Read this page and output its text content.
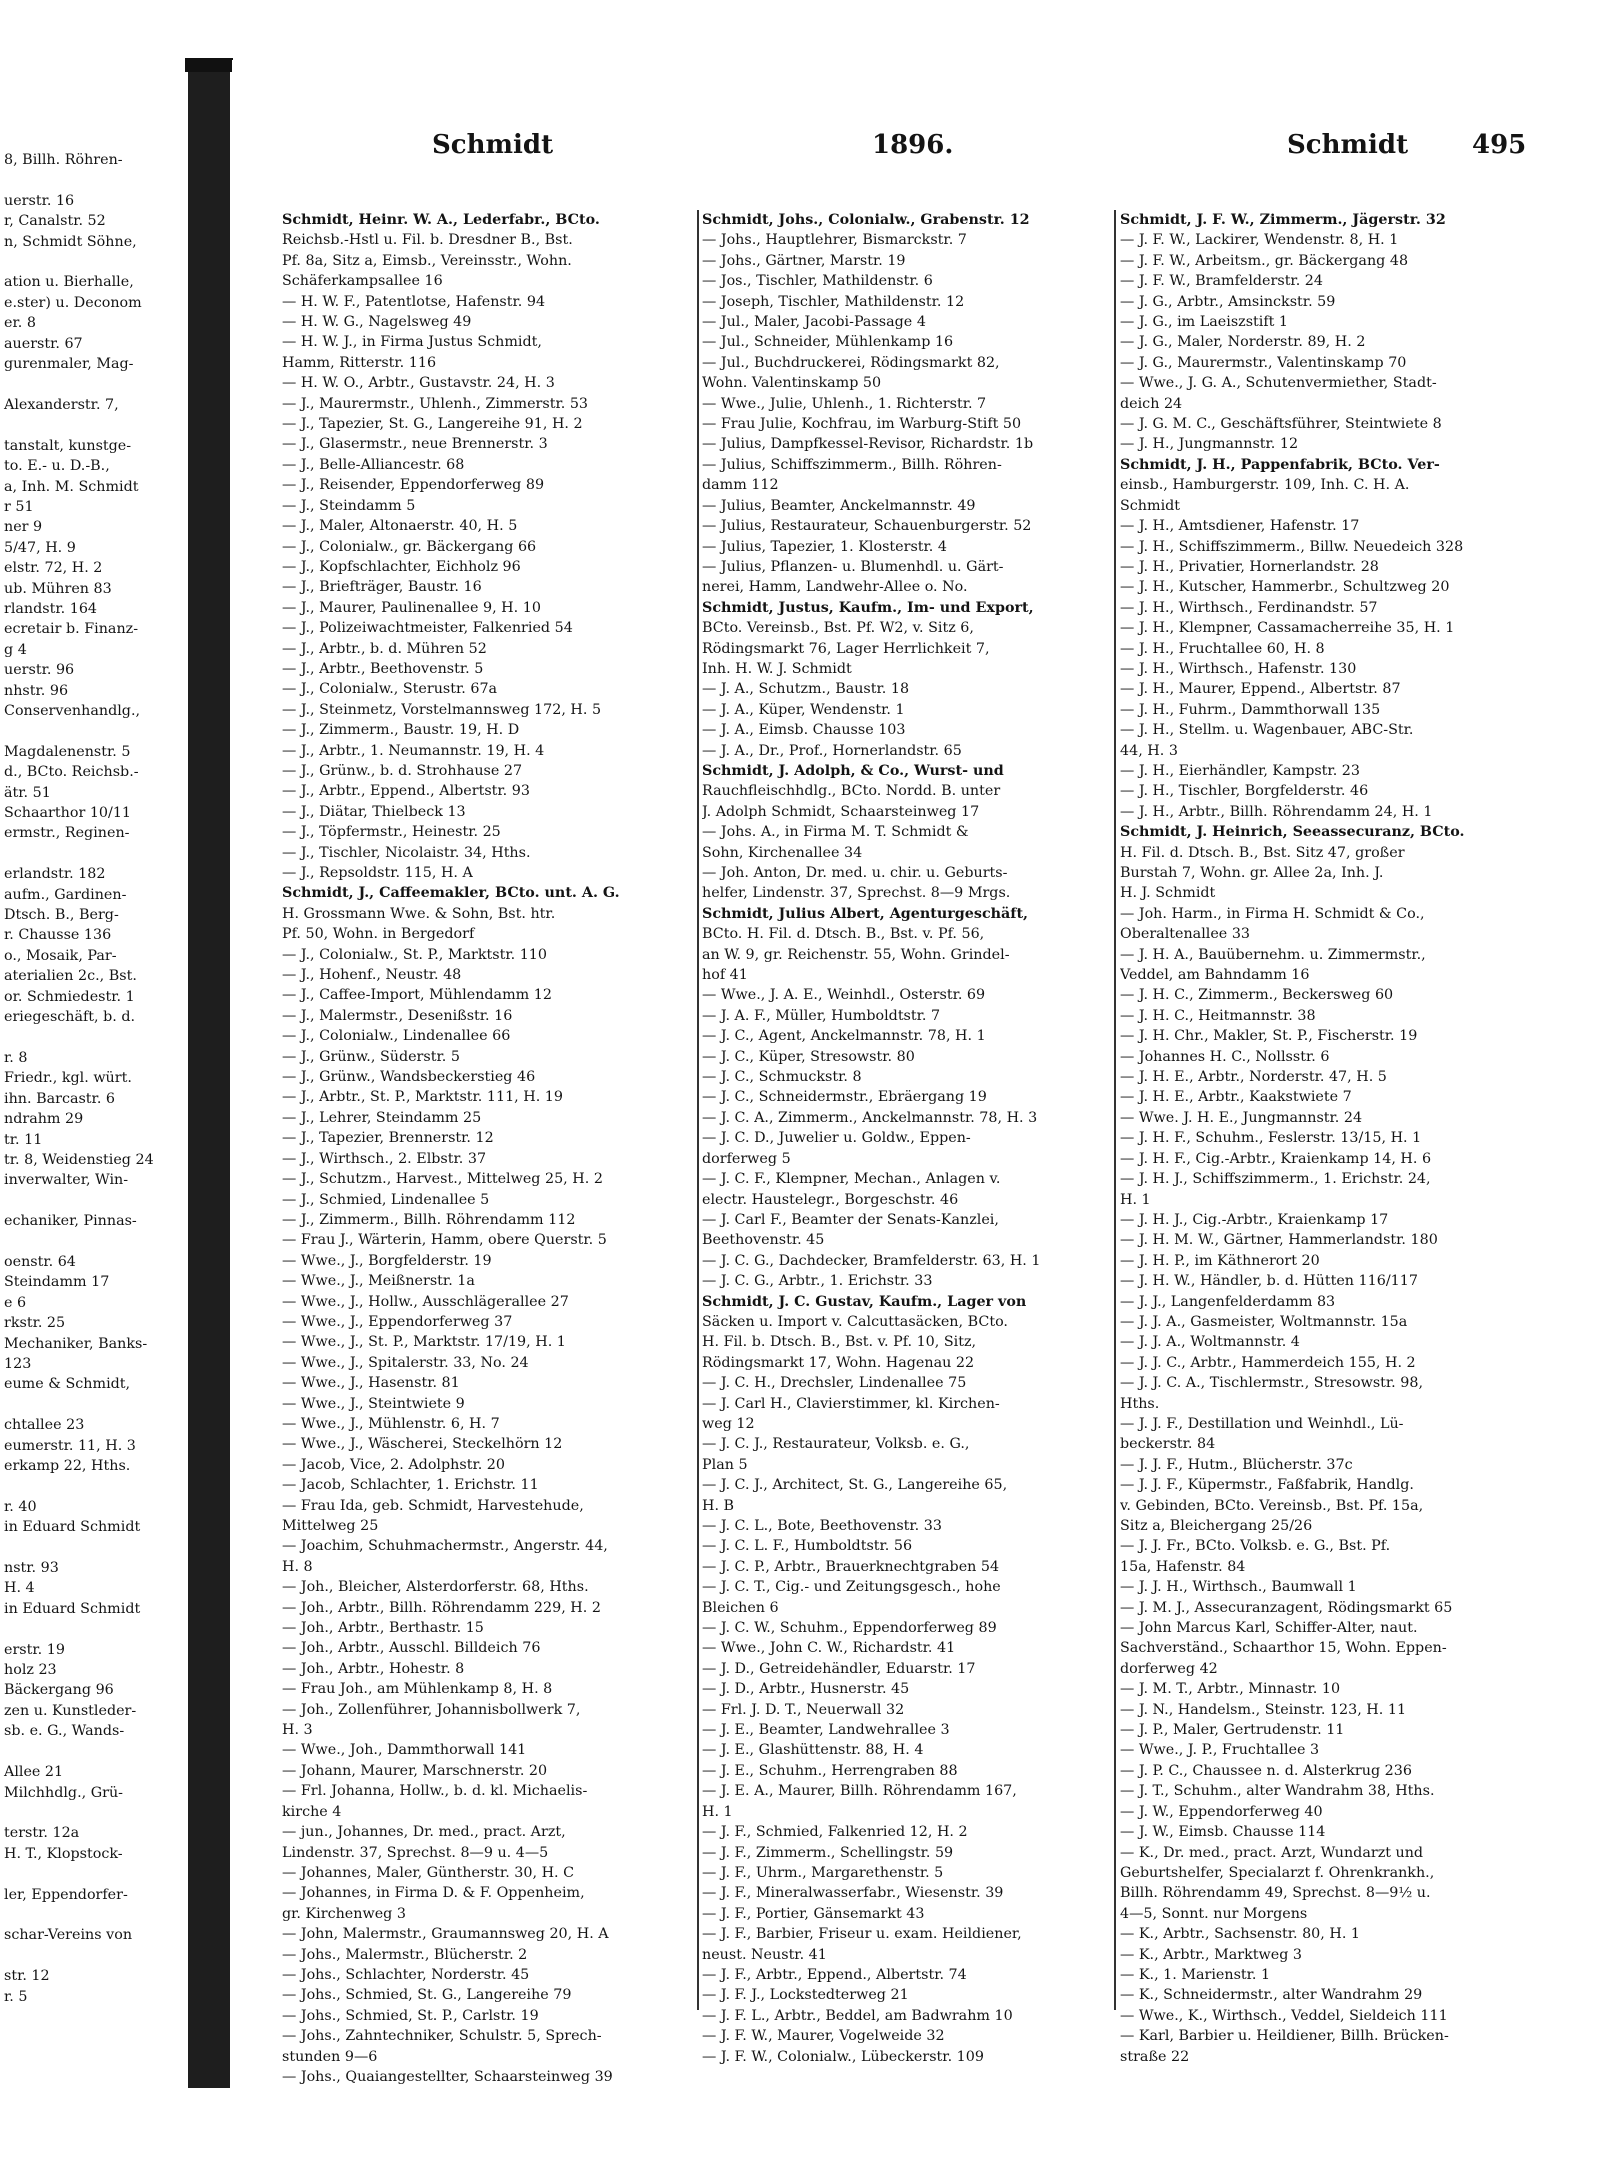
8, Billh. Röhren-

uerstr. 16
r, Canalstr. 52
n, Schmidt Söhne,

ation u. Bierhalle,
e.ster) u. Deconom
er. 8
auerstr. 67
gurenmaler, Mag-

Alexanderstr. 7,

tanstalt, kunstge-
to. E.- u. D.-B.,
a, Inh. M. Schmidt
r 51
ner 9
5/47, H. 9
elstr. 72, H. 2
ub. Mühren 83
rlandstr. 164
ecretair b. Finanz-
g 4
uerstr. 96
nhstr. 96
Conservenhandlg.,

Magdalenenstr. 5
d., BCto. Reichsb.-
ätr. 51
Schaarthor 10/11
ermstr., Reginen-

erlandstr. 182
aufm., Gardinen-
Dtsch. B., Berg-
r. Chausse 136
o., Mosaik, Par-
aterialien 2c., Bst.
or. Schmiedestr. 1
eriegeschäft, b. d.

r. 8
Friedr., kgl. würt.
ihn. Barcastr. 6
ndrahm 29
tr. 11
tr. 8, Weidenstieg 24
inverwalter, Win-

echaniker, Pinnas-

oenstr. 64
Steindamm 17
e 6
rkstr. 25
Mechaniker, Banks-
123
eume & Schmidt,

chtallee 23
eumerstr. 11, H. 3
erkamp 22, Hths.

r. 40
in Eduard Schmidt

nstr. 93
H. 4
in Eduard Schmidt

erstr. 19
holz 23
Bäckergang 96
zen u. Kunstleder-
sb. e. G., Wands-

Allee 21
Milchhdlg., Grü-

terstr. 12a
H. T., Klopstock-

ler, Eppendorfer-

schar-Vereins von

str. 12
r. 5
Schmidt	1896.	Schmidt 495
Schmidt, Heinr. W. A., Lederfabr., BCto.
Reichsb.-Hstl u. Fil. b. Dresdner B., Bst.
Pf. 8a, Sitz a, Eimsb., Vereinsstr., Wohn.
Schäferkampsallee 16
— H. W. F., Patentlotse, Hafenstr. 94
— H. W. G., Nagelsweg 49
— H. W. J., in Firma Justus Schmidt,
Hamm, Ritterstr. 116
— H. W. O., Arbtr., Gustavstr. 24, H. 3
— J., Maurermstr., Uhlenh., Zimmerstr. 53
— J., Tapezier, St. G., Langereihe 91, H. 2
— J., Glasermstr., neue Brennerstr. 3
— J., Belle-Alliancestr. 68
— J., Reisender, Eppendorferweg 89
— J., Steindamm 5
— J., Maler, Altonaerstr. 40, H. 5
— J., Colonialw., gr. Bäckergang 66
— J., Kopfschlachter, Eichholz 96
— J., Briefträger, Baustr. 16
— J., Maurer, Paulinenallee 9, H. 10
— J., Polizeiwachtmeister, Falkenried 54
— J., Arbtr., b. d. Mühren 52
— J., Arbtr., Beethovenstr. 5
— J., Colonialw., Sterustr. 67a
— J., Steinmetz, Vorstelmannsweg 172, H. 5
— J., Zimmerm., Baustr. 19, H. D
— J., Arbtr., 1. Neumannstr. 19, H. 4
— J., Grünw., b. d. Strohhause 27
— J., Arbtr., Eppend., Albertstr. 93
— J., Diätar, Thielbeck 13
— J., Töpfermstr., Heinestr. 25
— J., Tischler, Nicolaistr. 34, Hths.
— J., Repsoldstr. 115, H. A
Schmidt, J., Caffeemakler, BCto. unt. A. G.
H. Grossmann Wwe. & Sohn, Bst. htr.
Pf. 50, Wohn. in Bergedorf
— J., Colonialw., St. P., Marktstr. 110
— J., Hohenf., Neustr. 48
— J., Caffee-Import, Mühlendamm 12
— J., Malermstr., Desenißstr. 16
— J., Colonialw., Lindenallee 66
— J., Grünw., Süderstr. 5
— J., Grünw., Wandsbeckerstieg 46
— J., Arbtr., St. P., Marktstr. 111, H. 19
— J., Lehrer, Steindamm 25
— J., Tapezier, Brennerstr. 12
— J., Wirthsch., 2. Elbstr. 37
— J., Schutzm., Harvest., Mittelweg 25, H. 2
— J., Schmied, Lindenallee 5
— J., Zimmerm., Billh. Röhrendamm 112
— Frau J., Wärterin, Hamm, obere Querstr. 5
— Wwe., J., Borgfelderstr. 19
— Wwe., J., Meißnerstr. 1a
— Wwe., J., Hollw., Ausschlägerallee 27
— Wwe., J., Eppendorferweg 37
— Wwe., J., St. P., Marktstr. 17/19, H. 1
— Wwe., J., Spitalerstr. 33, No. 24
— Wwe., J., Hasenstr. 81
— Wwe., J., Steintwiete 9
— Wwe., J., Mühlenstr. 6, H. 7
— Wwe., J., Wäscherei, Steckelhörn 12
— Jacob, Vice, 2. Adolphstr. 20
— Jacob, Schlachter, 1. Erichstr. 11
— Frau Ida, geb. Schmidt, Harvestehude,
Mittelweg 25
— Joachim, Schuhmachermstr., Angerstr. 44,
H. 8
— Joh., Bleicher, Alsterdorferstr. 68, Hths.
— Joh., Arbtr., Billh. Röhrendamm 229, H. 2
— Joh., Arbtr., Berthastr. 15
— Joh., Arbtr., Ausschl. Billdeich 76
— Joh., Arbtr., Hohestr. 8
— Frau Joh., am Mühlenkamp 8, H. 8
— Joh., Zollenführer, Johannisbollwerk 7,
H. 3
— Wwe., Joh., Dammthorwall 141
— Johann, Maurer, Marschnerstr. 20
— Frl. Johanna, Hollw., b. d. kl. Michaelis-
kirche 4
— jun., Johannes, Dr. med., pract. Arzt,
Lindenstr. 37, Sprechst. 8—9 u. 4—5
— Johannes, Maler, Güntherstr. 30, H. C
— Johannes, in Firma D. & F. Oppenheim,
gr. Kirchenweg 3
— John, Malermstr., Graumannsweg 20, H. A
— Johs., Malermstr., Blücherstr. 2
— Johs., Schlachter, Norderstr. 45
— Johs., Schmied, St. G., Langereihe 79
— Johs., Schmied, St. P., Carlstr. 19
— Johs., Zahntechniker, Schulstr. 5, Sprech-
stunden 9—6
— Johs., Quaiangestellter, Schaarsteinweg 39
Schmidt, Johs., Colonialw., Grabenstr. 12
— Johs., Hauptlehrer, Bismarckstr. 7
— Johs., Gärtner, Marstr. 19
— Jos., Tischler, Mathildenstr. 6
— Joseph, Tischler, Mathildenstr. 12
— Jul., Maler, Jacobi-Passage 4
— Jul., Schneider, Mühlenkamp 16
— Jul., Buchdruckerei, Rödingsmarkt 82,
Wohn. Valentinskamp 50
— Wwe., Julie, Uhlenh., 1. Richterstr. 7
— Frau Julie, Kochfrau, im Warburg-Stift 50
— Julius, Dampfkessel-Revisor, Richardstr. 1b
— Julius, Schiffszimmerm., Billh. Röhren-
damm 112
— Julius, Beamter, Anckelmannstr. 49
— Julius, Restaurateur, Schauenburgerstr. 52
— Julius, Tapezier, 1. Klosterstr. 4
— Julius, Pflanzen- u. Blumenhdl. u. Gärt-
nerei, Hamm, Landwehr-Allee o. No.
Schmidt, Justus, Kaufm., Im- und Export,
BCto. Vereinsb., Bst. Pf. W2, v. Sitz 6,
Rödingsmarkt 76, Lager Herrlichkeit 7,
Inh. H. W. J. Schmidt
— J. A., Schutzm., Baustr. 18
— J. A., Küper, Wendenstr. 1
— J. A., Eimsb. Chausse 103
— J. A., Dr., Prof., Hornerlandstr. 65
Schmidt, J. Adolph, & Co., Wurst- und
Rauchfleischhdlg., BCto. Nordd. B. unter
J. Adolph Schmidt, Schaarsteinweg 17
— Johs. A., in Firma M. T. Schmidt &
Sohn, Kirchenallee 34
— Joh. Anton, Dr. med. u. chir. u. Geburts-
helfer, Lindenstr. 37, Sprechst. 8—9 Mrgs.
Schmidt, Julius Albert, Agenturgeschäft,
BCto. H. Fil. d. Dtsch. B., Bst. v. Pf. 56,
an W. 9, gr. Reichenstr. 55, Wohn. Grindel-
hof 41
— Wwe., J. A. E., Weinhdl., Osterstr. 69
— J. A. F., Müller, Humboldtstr. 7
— J. C., Agent, Anckelmannstr. 78, H. 1
— J. C., Küper, Stresowstr. 80
— J. C., Schmuckstr. 8
— J. C., Schneidermstr., Ebräergang 19
— J. C. A., Zimmerm., Anckelmannstr. 78, H. 3
— J. C. D., Juwelier u. Goldw., Eppen-
dorferweg 5
— J. C. F., Klempner, Mechan., Anlagen v.
electr. Haustelegr., Borgeschstr. 46
— J. Carl F., Beamter der Senats-Kanzlei,
Beethovenstr. 45
— J. C. G., Dachdecker, Bramfelderstr. 63, H. 1
— J. C. G., Arbtr., 1. Erichstr. 33
Schmidt, J. C. Gustav, Kaufm., Lager von
Säcken u. Import v. Calcuttasäcken, BCto.
H. Fil. b. Dtsch. B., Bst. v. Pf. 10, Sitz,
Rödingsmarkt 17, Wohn. Hagenau 22
— J. C. H., Drechsler, Lindenallee 75
— J. Carl H., Clavierstimmer, kl. Kirchen-
weg 12
— J. C. J., Restaurateur, Volksb. e. G.,
Plan 5
— J. C. J., Architect, St. G., Langereihe 65,
H. B
— J. C. L., Bote, Beethovenstr. 33
— J. C. L. F., Humboldtstr. 56
— J. C. P., Arbtr., Brauerknechtgraben 54
— J. C. T., Cig.- und Zeitungsgesch., hohe
Bleichen 6
— J. C. W., Schuhm., Eppendorferweg 89
— Wwe., John C. W., Richardstr. 41
— J. D., Getreidehändler, Eduarstr. 17
— J. D., Arbtr., Husnerstr. 45
— Frl. J. D. T., Neuerwall 32
— J. E., Beamter, Landwehrallee 3
— J. E., Glashüttenstr. 88, H. 4
— J. E., Schuhm., Herrengraben 88
— J. E. A., Maurer, Billh. Röhrendamm 167,
H. 1
— J. F., Schmied, Falkenried 12, H. 2
— J. F., Zimmerm., Schellingstr. 59
— J. F., Uhrm., Margarethenstr. 5
— J. F., Mineralwasserfabr., Wiesenstr. 39
— J. F., Portier, Gänsemarkt 43
— J. F., Barbier, Friseur u. exam. Heildiener,
neust. Neustr. 41
— J. F., Arbtr., Eppend., Albertstr. 74
— J. F. J., Lockstedterweg 21
— J. F. L., Arbtr., Beddel, am Badwrahm 10
— J. F. W., Maurer, Vogelweide 32
— J. F. W., Colonialw., Lübeckerstr. 109
Schmidt, J. F. W., Zimmerm., Jägerstr. 32
— J. F. W., Lackirer, Wendenstr. 8, H. 1
— J. F. W., Arbeitsm., gr. Bäckergang 48
— J. F. W., Bramfelderstr. 24
— J. G., Arbtr., Amsinckstr. 59
— J. G., im Laeiszstift 1
— J. G., Maler, Norderstr. 89, H. 2
— J. G., Maurermstr., Valentinskamp 70
— Wwe., J. G. A., Schutenvermiether, Stadt-
deich 24
— J. G. M. C., Geschäftsführer, Steintwiete 8
— J. H., Jungmannstr. 12
Schmidt, J. H., Pappenfabrik, BCto. Ver-
einsb., Hamburgerstr. 109, Inh. C. H. A.
Schmidt
— J. H., Amtsdiener, Hafenstr. 17
— J. H., Schiffszimmerm., Billw. Neuedeich 328
— J. H., Privatier, Hornerlandstr. 28
— J. H., Kutscher, Hammerbr., Schultzweg 20
— J. H., Wirthsch., Ferdinandstr. 57
— J. H., Klempner, Cassamacherreihe 35, H. 1
— J. H., Fruchtallee 60, H. 8
— J. H., Wirthsch., Hafenstr. 130
— J. H., Maurer, Eppend., Albertstr. 87
— J. H., Fuhrm., Dammthorwall 135
— J. H., Stellm. u. Wagenbauer, ABC-Str.
44, H. 3
— J. H., Eierhändler, Kampstr. 23
— J. H., Tischler, Borgfelderstr. 46
— J. H., Arbtr., Billh. Röhrendamm 24, H. 1
Schmidt, J. Heinrich, Seeassecuranz, BCto.
H. Fil. d. Dtsch. B., Bst. Sitz 47, großer
Burstah 7, Wohn. gr. Allee 2a, Inh. J.
H. J. Schmidt
— Joh. Harm., in Firma H. Schmidt & Co.,
Oberaltenallee 33
— J. H. A., Bauübernehm. u. Zimmermstr.,
Veddel, am Bahndamm 16
— J. H. C., Zimmerm., Beckersweg 60
— J. H. C., Heitmannstr. 38
— J. H. Chr., Makler, St. P., Fischerstr. 19
— Johannes H. C., Nollsstr. 6
— J. H. E., Arbtr., Norderstr. 47, H. 5
— J. H. E., Arbtr., Kaakstwiete 7
— Wwe. J. H. E., Jungmannstr. 24
— J. H. F., Schuhm., Feslerstr. 13/15, H. 1
— J. H. F., Cig.-Arbtr., Kraienkamp 14, H. 6
— J. H. J., Schiffszimmerm., 1. Erichstr. 24,
H. 1
— J. H. J., Cig.-Arbtr., Kraienkamp 17
— J. H. M. W., Gärtner, Hammerlandstr. 180
— J. H. P., im Käthnerort 20
— J. H. W., Händler, b. d. Hütten 116/117
— J. J., Langenfelderdamm 83
— J. J. A., Gasmeister, Woltmannstr. 15a
— J. J. A., Woltmannstr. 4
— J. J. C., Arbtr., Hammerdeich 155, H. 2
— J. J. C. A., Tischlermstr., Stresowstr. 98,
Hths.
— J. J. F., Destillation und Weinhdl., Lü-
beckerstr. 84
— J. J. F., Hutm., Blücherstr. 37c
— J. J. F., Küpermstr., Faßfabrik, Handlg.
v. Gebinden, BCto. Vereinsb., Bst. Pf. 15a,
Sitz a, Bleichergang 25/26
— J. J. Fr., BCto. Volksb. e. G., Bst. Pf.
15a, Hafenstr. 84
— J. J. H., Wirthsch., Baumwall 1
— J. M. J., Assecuranzagent, Rödingsmarkt 65
— John Marcus Karl, Schiffer-Alter, naut.
Sachverständ., Schaarthor 15, Wohn. Eppen-
dorferweg 42
— J. M. T., Arbtr., Minnastr. 10
— J. N., Handelsm., Steinstr. 123, H. 11
— J. P., Maler, Gertrudenstr. 11
— Wwe., J. P., Fruchtallee 3
— J. P. C., Chaussee n. d. Alsterkrug 236
— J. T., Schuhm., alter Wandrahm 38, Hths.
— J. W., Eppendorferweg 40
— J. W., Eimsb. Chausse 114
— K., Dr. med., pract. Arzt, Wundarzt und
Geburtshelfer, Specialarzt f. Ohrenkrankh.,
Billh. Röhrendamm 49, Sprechst. 8—9½ u.
4—5, Sonnt. nur Morgens
— K., Arbtr., Sachsenstr. 80, H. 1
— K., Arbtr., Marktweg 3
— K., 1. Marienstr. 1
— K., Schneidermstr., alter Wandrahm 29
— Wwe., K., Wirthsch., Veddel, Sieldeich 111
— Karl, Barbier u. Heildiener, Billh. Brücken-
straße 22
